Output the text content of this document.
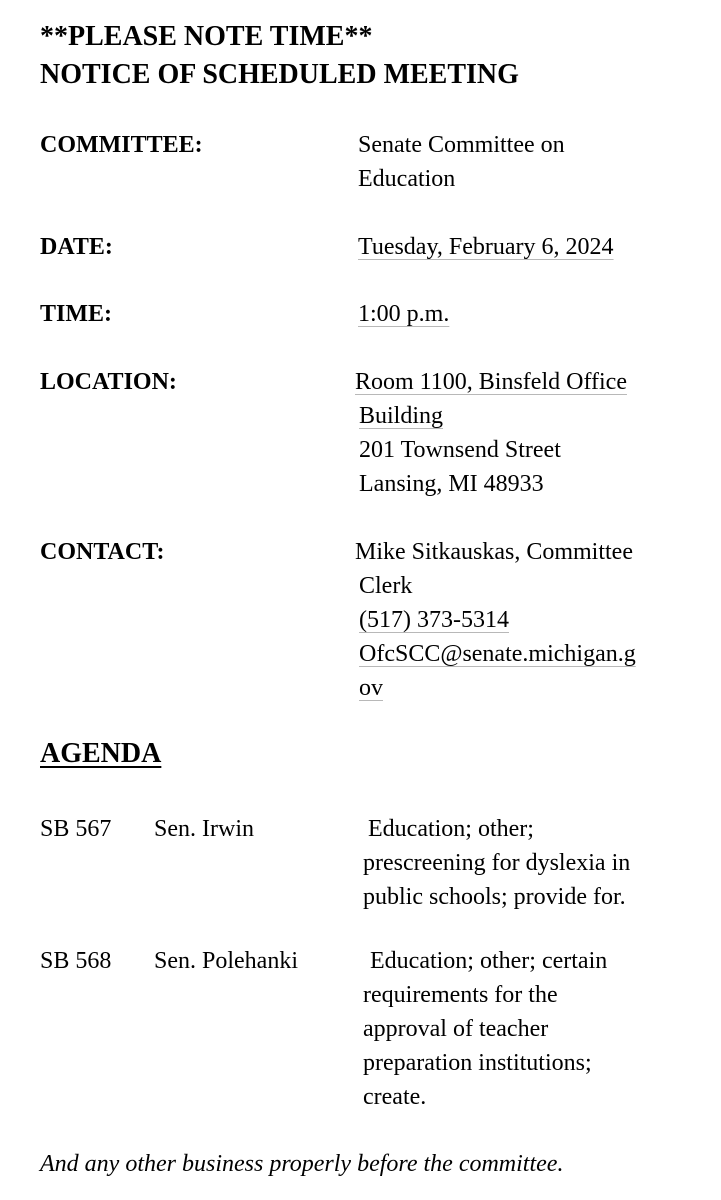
**PLEASE NOTE TIME**
NOTICE OF SCHEDULED MEETING
COMMITTEE:	Senate Committee on
Education
DATE:	Tuesday, February 6, 2024
TIME:	1:00 p.m.
LOCATION:	Room 1100, Binsfeld Office
Building
201 Townsend Street
Lansing, MI 48933
CONTACT:	Mike Sitkauskas, Committee
Clerk
(517) 373-5314
OfcSCC@senate.michigan.g
ov
AGENDA
SB 567 Sen. Irwin	Education; other;
prescreening for dyslexia in
public schools; provide for.
SB 568 Sen. Polehanki	Education; other; certain
requirements for the
approval of teacher
preparation institutions;
create.
And any other business properly before the committee.
